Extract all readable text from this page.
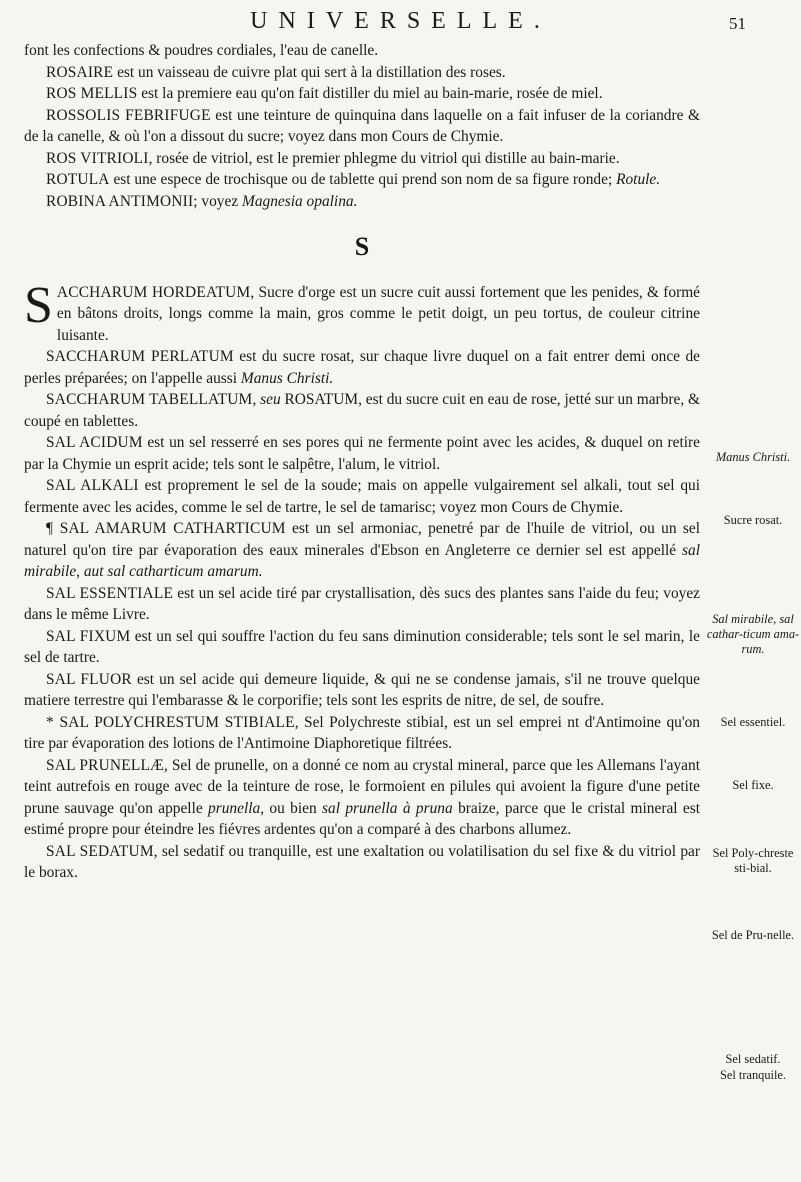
UNIVERSELLE.	51

font les confections & poudres cordiales, l'eau de canelle.

ROSAIRE est un vaisseau de cuivre plat qui sert à la distillation des roses.

ROS MELLIS est la premiere eau qu'on fait distiller du miel au bain-marie, rosée de miel.

ROSSOLIS FEBRIFUGE est une teinture de quinquina dans laquelle on a fait infuser de la coriandre & de la canelle, & où l'on a dissout du sucre; voyez dans mon Cours de Chymie.

ROS VITRIOLI, rosée de vitriol, est le premier phlegme du vitriol qui distille au bain-marie.

ROTULA est une espece de trochisque ou de tablette qui prend son nom de sa figure ronde; Rotule.

ROBINA ANTIMONII; voyez Magnesia opalina.

S

SACCHARUM HORDEATUM, Sucre d'orge est un sucre cuit aussi fortement que les penides, & formé en bâtons droits, longs comme la main, gros comme le petit doigt, un peu tortus, de couleur citrine luisante.

SACCHARUM PERLATUM est du sucre rosat, sur chaque livre duquel on a fait entrer demi once de perles préparées; on l'appelle aussi Manus Christi.

SACCHARUM TABELLATUM, seu ROSATUM, est du sucre cuit en eau de rose, jetté sur un marbre, & coupé en tablettes.

SAL ACIDUM est un sel resserré en ses pores qui ne fermente point avec les acides, & duquel on retire par la Chymie un esprit acide; tels sont le salpêtre, l'alum, le vitriol.

SAL ALKALI est proprement le sel de la soude; mais on appelle vulgairement sel alkali, tout sel qui fermente avec les acides, comme le sel de tartre, le sel de tamarisc; voyez mon Cours de Chymie.

¶ SAL AMARUM CATHARTICUM est un sel armoniac, penetré par de l'huile de vitriol, ou un sel naturel qu'on tire par évaporation des eaux minerales d'Ebson en Angleterre ce dernier sel est appellé sal mirabile, aut sal catharticum amarum.

SAL ESSENTIALE est un sel acide tiré par crystallisation, dès sucs des plantes sans l'aide du feu; voyez dans le même Livre.

SAL FIXUM est un sel qui souffre l'action du feu sans diminution considerable; tels sont le sel marin, le sel de tartre.

SAL FLUOR est un sel acide qui demeure liquide, & qui ne se condense jamais, s'il ne trouve quelque matiere terrestre qui l'embarasse & le corporifie; tels sont les esprits de nitre, de sel, de soufre.

* SAL POLYCHRESTUM STIBIALE, Sel Polychreste stibial, est un sel emprei nt d'Antimoine qu'on tire par évaporation des lotions de l'Antimoine Diaphoretique filtrées.

SAL PRUNELLÆ, Sel de prunelle, on a donné ce nom au crystal mineral, parce que les Allemans l'ayant teint autrefois en rouge avec de la teinture de rose, le formoient en pilules qui avoient la figure d'une petite prune sauvage qu'on appelle prunella, ou bien sal prunella à pruna braize, parce que le cristal mineral est estimé propre pour éteindre les fiévres ardentes qu'on a comparé à des charbons allumez.

SAL SEDATUM, sel sedatif ou tranquille, est une exaltation ou volatilisation du sel fixe & du vitriol par le borax.

Manus Christi.
Sucre rosat.
Sal mirabile, sal cathar-ticum ama-rum.
Sel essentiel.
Sel fixe.
Sel Poly-chreste sti-bial.
Sel de Pru-nelle.
Sel sedatif.
Sel tranquile.
